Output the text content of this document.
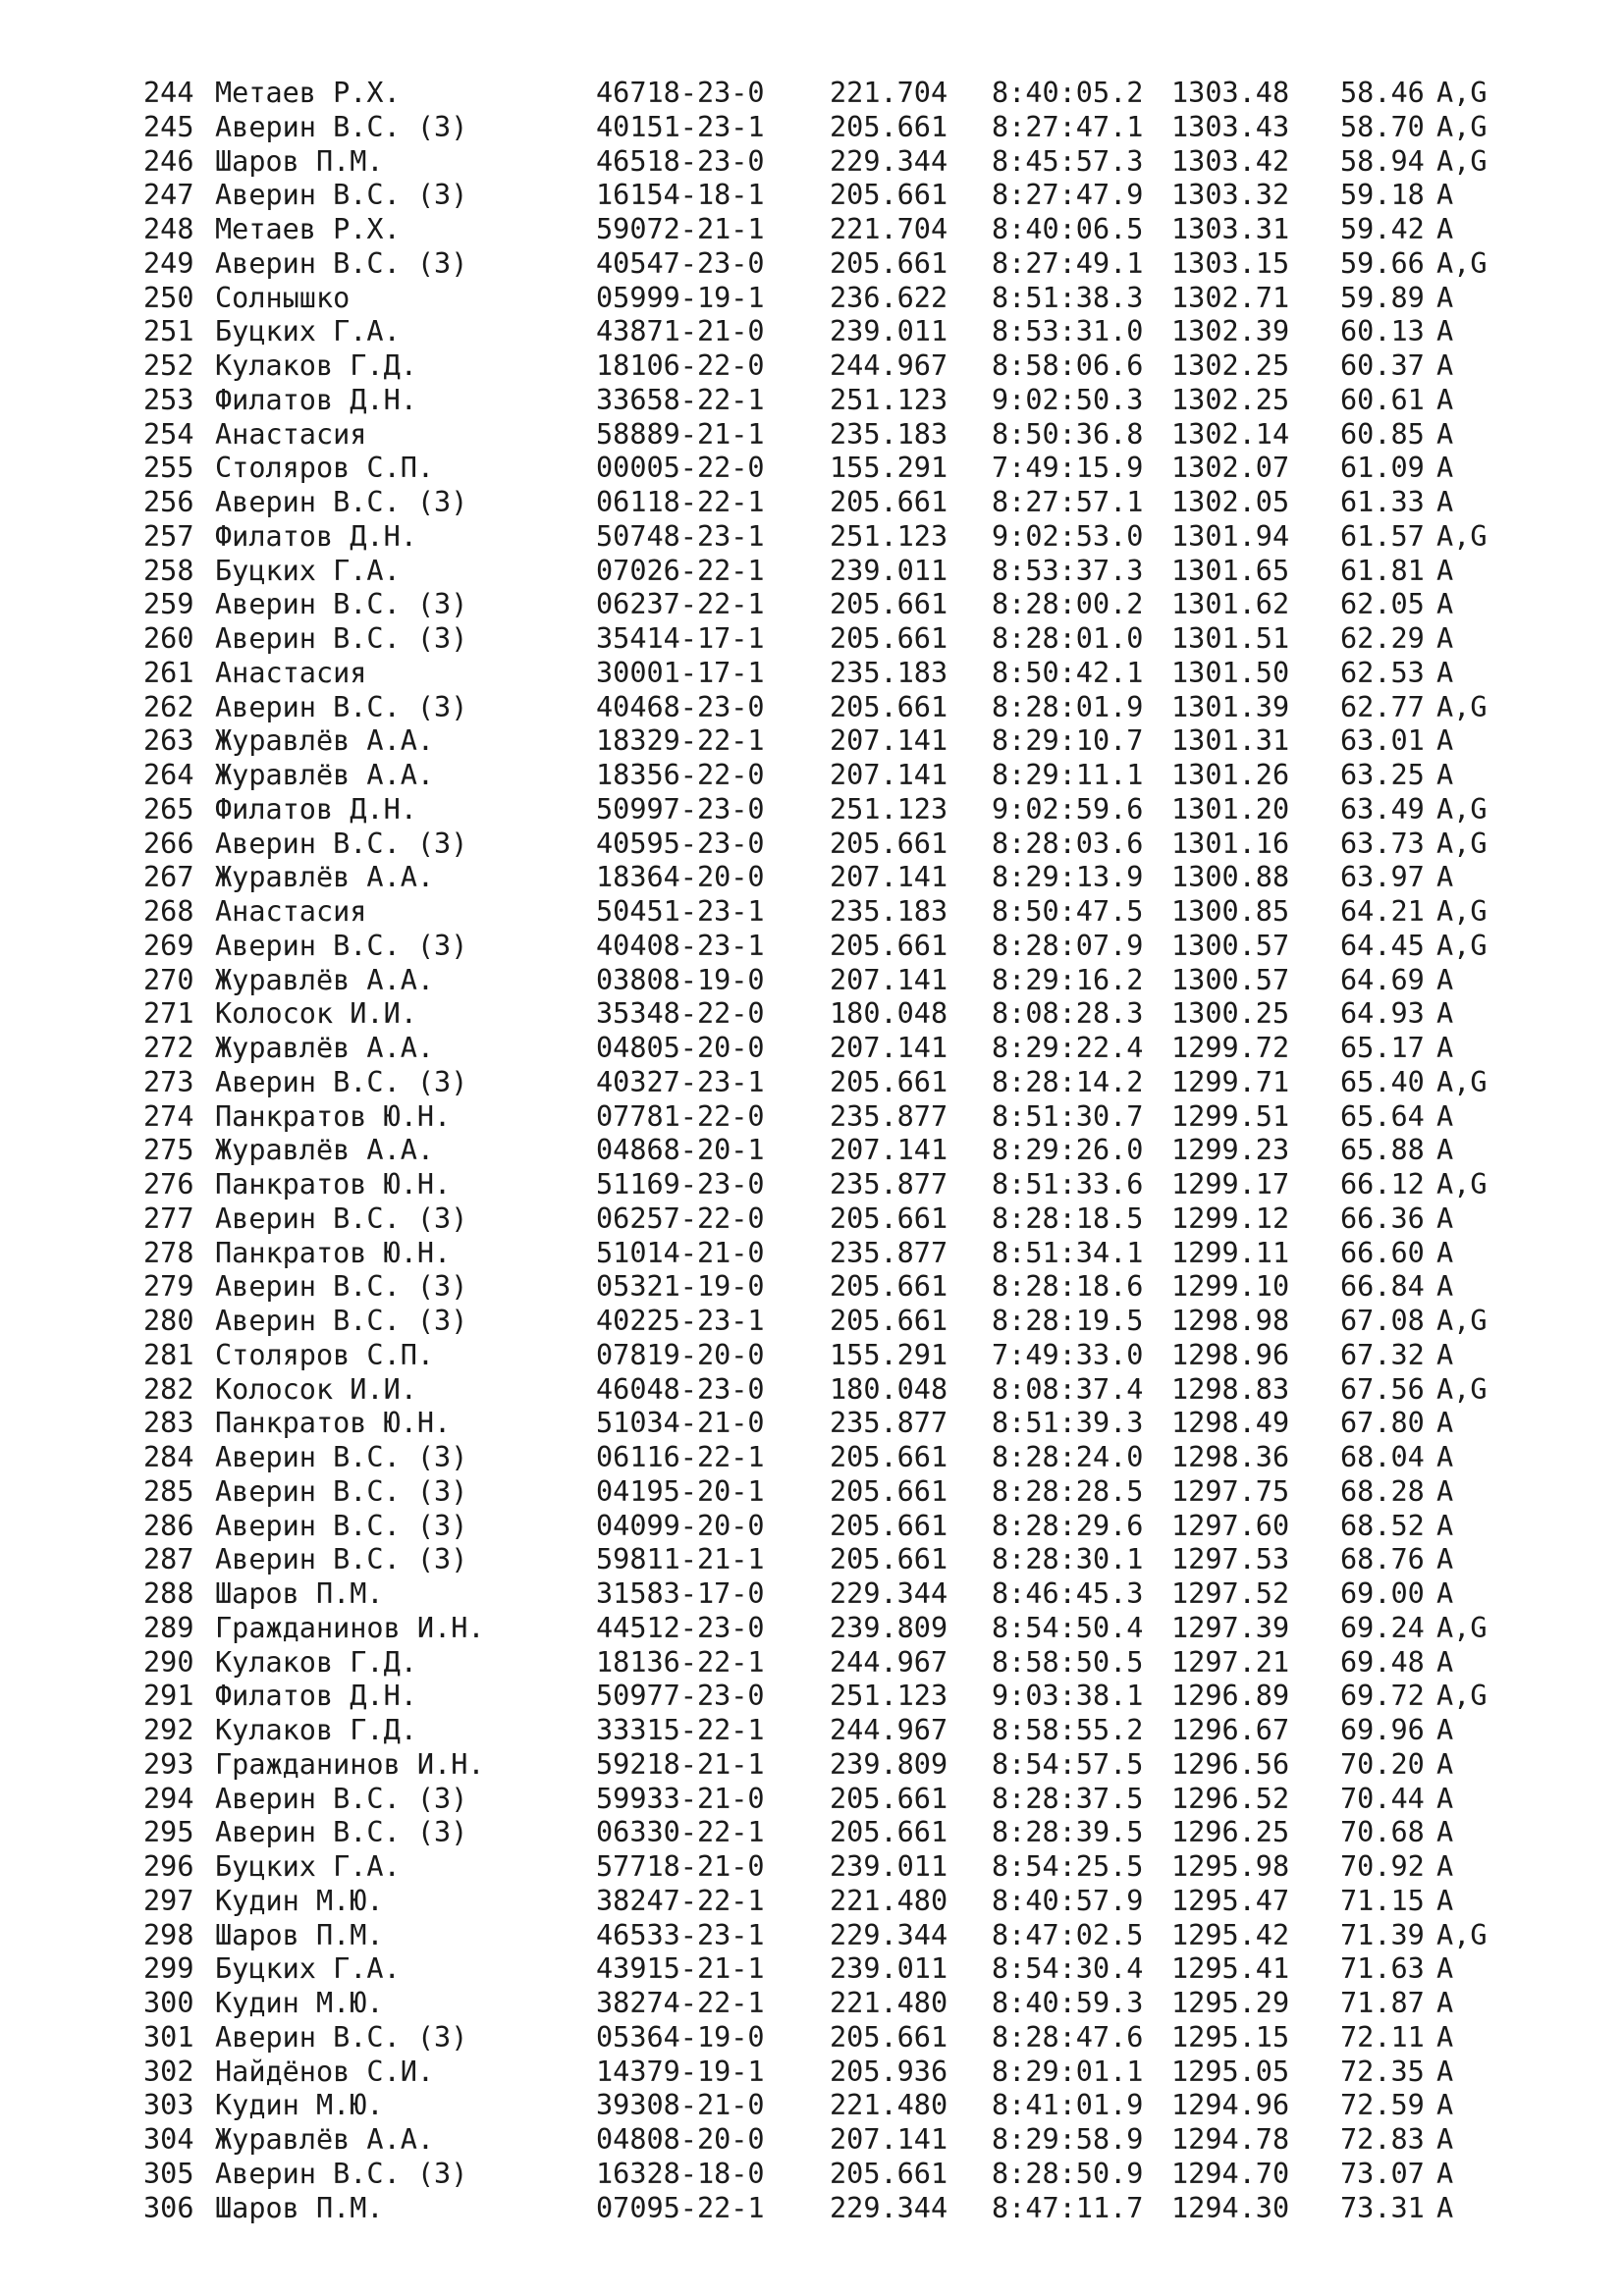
244 Метаев Р.Х.	46718-23-0 221.704 8:40:05.2 1303.48 58.46 A,G
245 Аверин В.С. (З)	40151-23-1 205.661 8:27:47.1 1303.43 58.70 A,G
246 Шаров П.М.	46518-23-0 229.344 8:45:57.3 1303.42 58.94 A,G
247 Аверин В.С. (З)	16154-18-1 205.661 8:27:47.9 1303.32 59.18 A
248 Метаев Р.Х.	59072-21-1 221.704 8:40:06.5 1303.31 59.42 A
249 Аверин В.С. (З)	40547-23-0 205.661 8:27:49.1 1303.15 59.66 A,G
250 Солнышко	05999-19-1 236.622 8:51:38.3 1302.71 59.89 A
251 Буцких Г.А.	43871-21-0 239.011 8:53:31.0 1302.39 60.13 A
252 Кулаков Г.Д.	18106-22-0 244.967 8:58:06.6 1302.25 60.37 A
253 Филатов Д.Н.	33658-22-1 251.123 9:02:50.3 1302.25 60.61 A
254 Анастасия	58889-21-1 235.183 8:50:36.8 1302.14 60.85 A
255 Столяров С.П.	00005-22-0 155.291 7:49:15.9 1302.07 61.09 A
256 Аверин В.С. (З)	06118-22-1 205.661 8:27:57.1 1302.05 61.33 A
257 Филатов Д.Н.	50748-23-1 251.123 9:02:53.0 1301.94 61.57 A,G
258 Буцких Г.А.	07026-22-1 239.011 8:53:37.3 1301.65 61.81 A
259 Аверин В.С. (З)	06237-22-1 205.661 8:28:00.2 1301.62 62.05 A
260 Аверин В.С. (З)	35414-17-1 205.661 8:28:01.0 1301.51 62.29 A
261 Анастасия	30001-17-1 235.183 8:50:42.1 1301.50 62.53 A
262 Аверин В.С. (З)	40468-23-0 205.661 8:28:01.9 1301.39 62.77 A,G
263 Журавлёв А.А.	18329-22-1 207.141 8:29:10.7 1301.31 63.01 A
264 Журавлёв А.А.	18356-22-0 207.141 8:29:11.1 1301.26 63.25 A
265 Филатов Д.Н.	50997-23-0 251.123 9:02:59.6 1301.20 63.49 A,G
266 Аверин В.С. (З)	40595-23-0 205.661 8:28:03.6 1301.16 63.73 A,G
267 Журавлёв А.А.	18364-20-0 207.141 8:29:13.9 1300.88 63.97 A
268 Анастасия	50451-23-1 235.183 8:50:47.5 1300.85 64.21 A,G
269 Аверин В.С. (З)	40408-23-1 205.661 8:28:07.9 1300.57 64.45 A,G
270 Журавлёв А.А.	03808-19-0 207.141 8:29:16.2 1300.57 64.69 A
271 Колосок И.И.	35348-22-0 180.048 8:08:28.3 1300.25 64.93 A
272 Журавлёв А.А.	04805-20-0 207.141 8:29:22.4 1299.72 65.17 A
273 Аверин В.С. (З)	40327-23-1 205.661 8:28:14.2 1299.71 65.40 A,G
274 Панкратов Ю.Н.	07781-22-0 235.877 8:51:30.7 1299.51 65.64 A
275 Журавлёв А.А.	04868-20-1 207.141 8:29:26.0 1299.23 65.88 A
276 Панкратов Ю.Н.	51169-23-0 235.877 8:51:33.6 1299.17 66.12 A,G
277 Аверин В.С. (З)	06257-22-0 205.661 8:28:18.5 1299.12 66.36 A
278 Панкратов Ю.Н.	51014-21-0 235.877 8:51:34.1 1299.11 66.60 A
279 Аверин В.С. (З)	05321-19-0 205.661 8:28:18.6 1299.10 66.84 A
280 Аверин В.С. (З)	40225-23-1 205.661 8:28:19.5 1298.98 67.08 A,G
281 Столяров С.П.	07819-20-0 155.291 7:49:33.0 1298.96 67.32 A
282 Колосок И.И.	46048-23-0 180.048 8:08:37.4 1298.83 67.56 A,G
283 Панкратов Ю.Н.	51034-21-0 235.877 8:51:39.3 1298.49 67.80 A
284 Аверин В.С. (З)	06116-22-1 205.661 8:28:24.0 1298.36 68.04 A
285 Аверин В.С. (З)	04195-20-1 205.661 8:28:28.5 1297.75 68.28 A
286 Аверин В.С. (З)	04099-20-0 205.661 8:28:29.6 1297.60 68.52 A
287 Аверин В.С. (З)	59811-21-1 205.661 8:28:30.1 1297.53 68.76 A
288 Шаров П.М.	31583-17-0 229.344 8:46:45.3 1297.52 69.00 A
289 Гражданинов И.Н.	44512-23-0 239.809 8:54:50.4 1297.39 69.24 A,G
290 Кулаков Г.Д.	18136-22-1 244.967 8:58:50.5 1297.21 69.48 A
291 Филатов Д.Н.	50977-23-0 251.123 9:03:38.1 1296.89 69.72 A,G
292 Кулаков Г.Д.	33315-22-1 244.967 8:58:55.2 1296.67 69.96 A
293 Гражданинов И.Н.	59218-21-1 239.809 8:54:57.5 1296.56 70.20 A
294 Аверин В.С. (З)	59933-21-0 205.661 8:28:37.5 1296.52 70.44 A
295 Аверин В.С. (З)	06330-22-1 205.661 8:28:39.5 1296.25 70.68 A
296 Буцких Г.А.	57718-21-0 239.011 8:54:25.5 1295.98 70.92 A
297 Кудин М.Ю.	38247-22-1 221.480 8:40:57.9 1295.47 71.15 A
298 Шаров П.М.	46533-23-1 229.344 8:47:02.5 1295.42 71.39 A,G
299 Буцких Г.А.	43915-21-1 239.011 8:54:30.4 1295.41 71.63 A
300 Кудин М.Ю.	38274-22-1 221.480 8:40:59.3 1295.29 71.87 A
301 Аверин В.С. (З)	05364-19-0 205.661 8:28:47.6 1295.15 72.11 A
302 Найдёнов С.И.	14379-19-1 205.936 8:29:01.1 1295.05 72.35 A
303 Кудин М.Ю.	39308-21-0 221.480 8:41:01.9 1294.96 72.59 A
304 Журавлёв А.А.	04808-20-0 207.141 8:29:58.9 1294.78 72.83 A
305 Аверин В.С. (З)	16328-18-0 205.661 8:28:50.9 1294.70 73.07 A
306 Шаров П.М.	07095-22-1 229.344 8:47:11.7 1294.30 73.31 A
